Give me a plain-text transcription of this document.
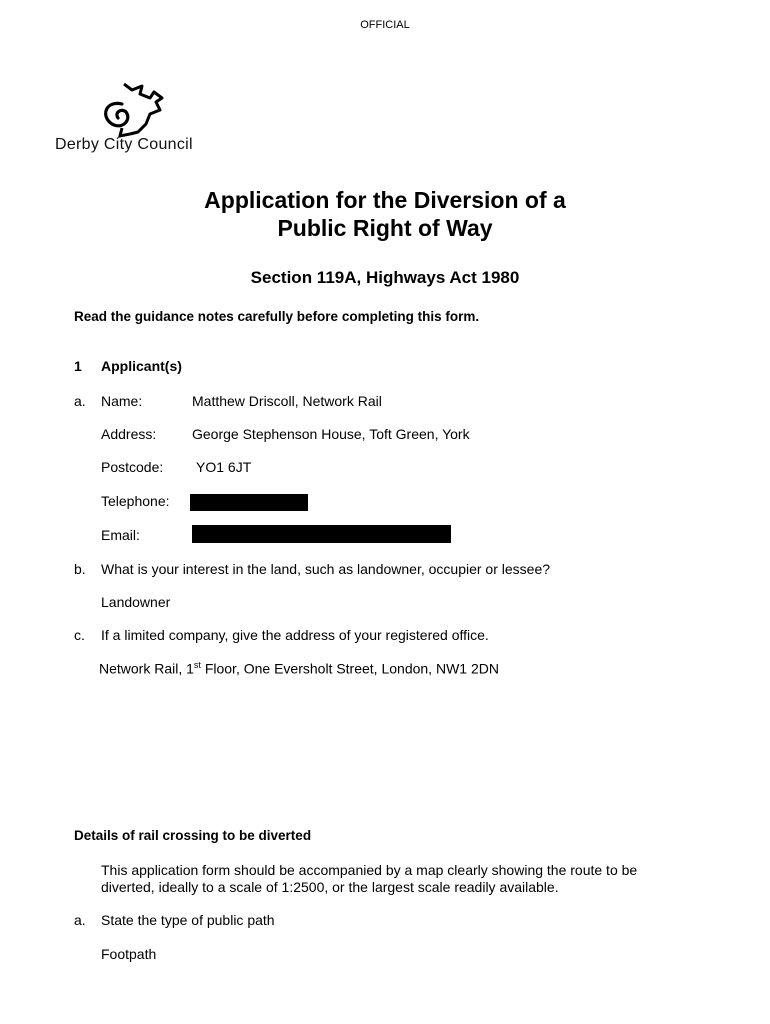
OFFICIAL
Derby City Council
Application for the Diversion of a
Public Right of Way
Section 119A, Highways Act 1980
Read the guidance notes carefully before completing this form.
1 Applicant(s)
a. Name:	Matthew Driscoll, Network Rail
Address:	George Stephenson House, Toft Green, York
Postcode: YO1 6JT
Telephone:
Email:
b. What is your interest in the land, such as landowner, occupier or lessee?
Landowner
c. If a limited company, give the address of your registered office.
Network Rail, 1st Floor, One Eversholt Street, London, NW1 2DN
Details of rail crossing to be diverted
This application form should be accompanied by a map clearly showing the route to be
diverted, ideally to a scale of 1:2500, or the largest scale readily available.
a. State the type of public path
Footpath
